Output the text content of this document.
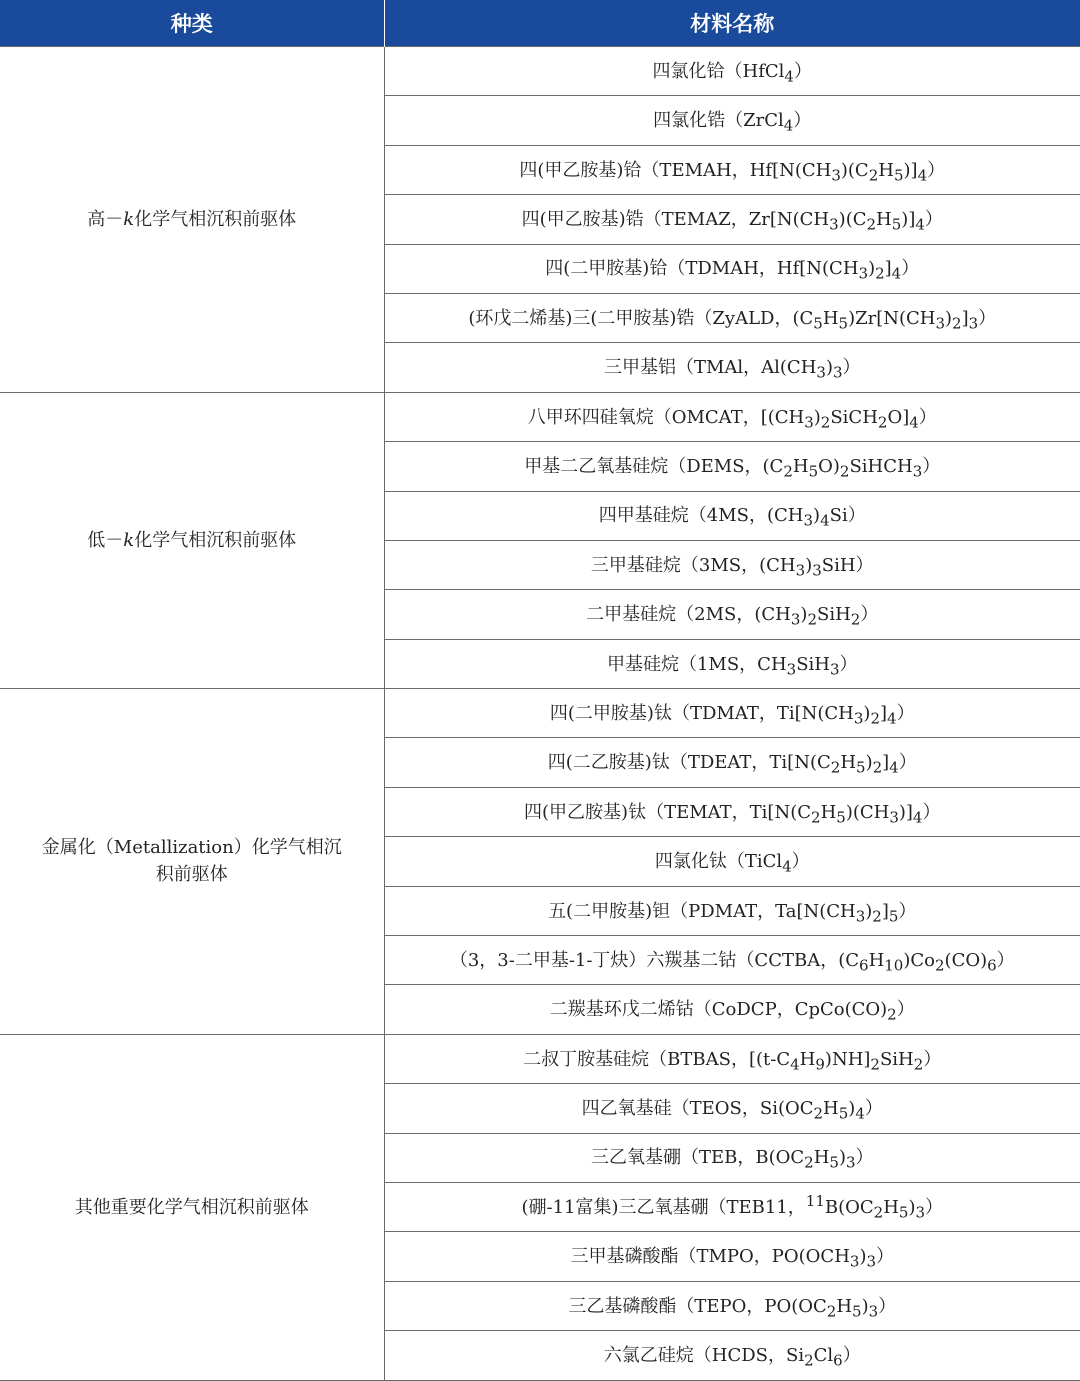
种类	材料名称
高－k化学气相沉积前驱体	四氯化铪（HfCl$_4$）
	四氯化锆（ZrCl$_4$）
	四(甲乙胺基)铪（TEMAH，$Hf[N(CH_3)(C_2H_5)]_4$）
	四(甲乙胺基)锆（TEMAZ，$Zr[N(CH_3)(C_2H_5)]_4$）
	四(二甲胺基)铪（TDMAH，$Hf[N(CH_3)_2]_4$）
	(环戊二烯基)三(二甲胺基)锆（ZyALD，$(C_5H_5)Zr[N(CH_3)_2]_3$）
	三甲基铝（TMAl，$Al(CH_3)_3$）
低－k化学气相沉积前驱体	八甲环四硅氧烷（OMCAT，$[(CH_3)_2SiCH_2O]_4$）
	甲基二乙氧基硅烷（DEMS，$(C_2H_5O)_2SiHCH_3$）
	四甲基硅烷（4MS，$(CH_3)_4Si$）
	三甲基硅烷（3MS，$(CH_3)_3SiH$）
	二甲基硅烷（2MS，$(CH_3)_2SiH_2$）
	甲基硅烷（1MS，$CH_3SiH_3$）
金属化（Metallization）化学气相沉积前驱体	四(二甲胺基)钛（TDMAT，$Ti[N(CH_3)_2]_4$）
	四(二乙胺基)钛（TDEAT，$Ti[N(C_2H_5)_2]_4$）
	四(甲乙胺基)钛（TEMAT，$Ti[N(C_2H_5)(CH_3)]_4$）
	四氯化钛（TiCl$_4$）
	五(二甲胺基)钽（PDMAT，$Ta[N(CH_3)_2]_5$）
	（3，3-二甲基-1-丁炔）六羰基二钴（CCTBA，$(C_6H_{10})Co_2(CO)_6$）
	二羰基环戊二烯钴（CoDCP，$CpCo(CO)_2$）
其他重要化学气相沉积前驱体	二叔丁胺基硅烷（BTBAS，$[(t-C_4H_9)NH]_2SiH_2$）
	四乙氧基硅（TEOS，$Si(OC_2H_5)_4$）
	三乙氧基硼（TEB，$B(OC_2H_5)_3$）
	(硼-11富集)三乙氧基硼（TEB11，$^{11}B(OC_2H_5)_3$）
	三甲基磷酸酯（TMPO，$PO(OCH_3)_3$）
	三乙基磷酸酯（TEPO，$PO(OC_2H_5)_3$）
	六氯乙硅烷（HCDS，$Si_2Cl_6$）
